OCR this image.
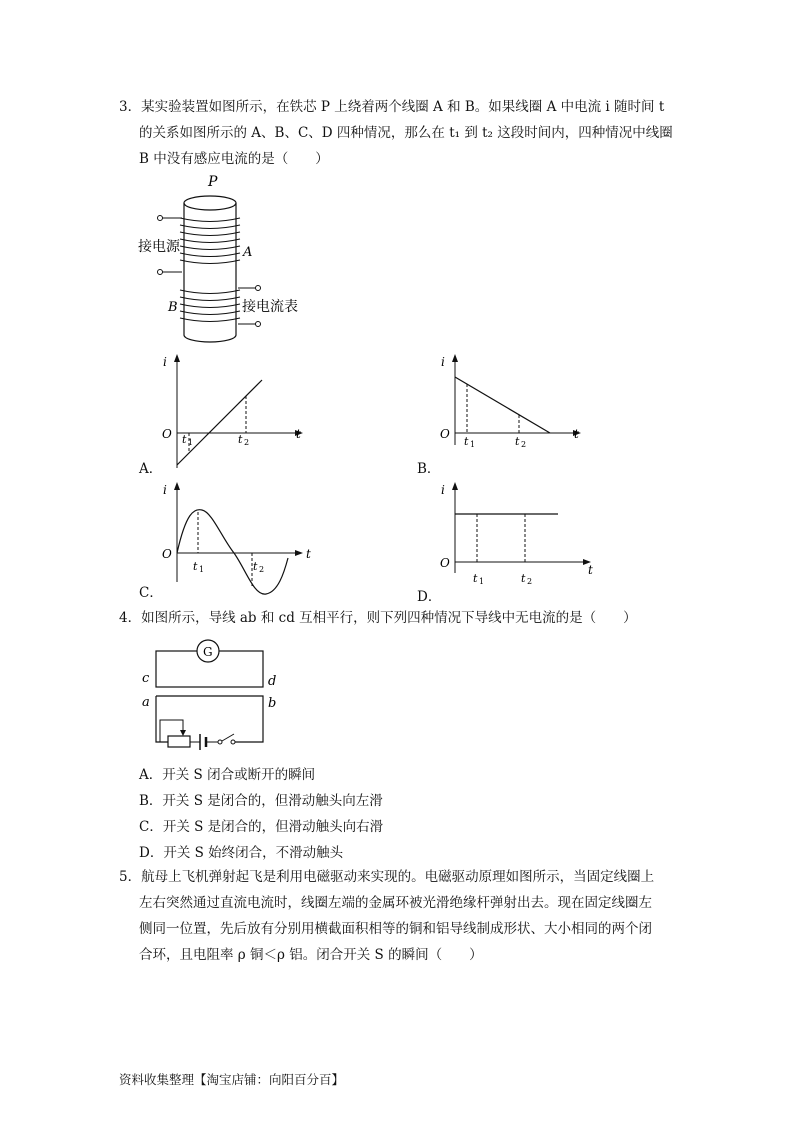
3．某实验装置如图所示，在铁芯 P 上绕着两个线圈 A 和 B。如果线圈 A 中电流 i 随时间 t
的关系如图所示的 A、B、C、D 四种情况，那么在 t₁ 到 t₂ 这段时间内，四种情况中线圈
B 中没有感应电流的是（　　）
P
接电源	A
B	接电流表
i
t
O t 1	t 2
A．
i
t
O
t 1	t 2
B．
i
t
O
t 1	t 2
C．
i
t
O
t 1	t 2
D．
4．如图所示，导线 ab 和 cd 互相平行，则下列四种情况下导线中无电流的是（　　）
G
c	d
a	b
A．开关 S 闭合或断开的瞬间
B．开关 S 是闭合的，但滑动触头向左滑
C．开关 S 是闭合的，但滑动触头向右滑
D．开关 S 始终闭合，不滑动触头
5．航母上飞机弹射起飞是利用电磁驱动来实现的。电磁驱动原理如图所示，当固定线圈上
左右突然通过直流电流时，线圈左端的金属环被光滑绝缘杆弹射出去。现在固定线圈左
侧同一位置，先后放有分别用横截面积相等的铜和铝导线制成形状、大小相同的两个闭
合环，且电阻率 ρ 铜＜ρ 铝。闭合开关 S 的瞬间（　　）
资料收集整理【淘宝店铺：向阳百分百】
